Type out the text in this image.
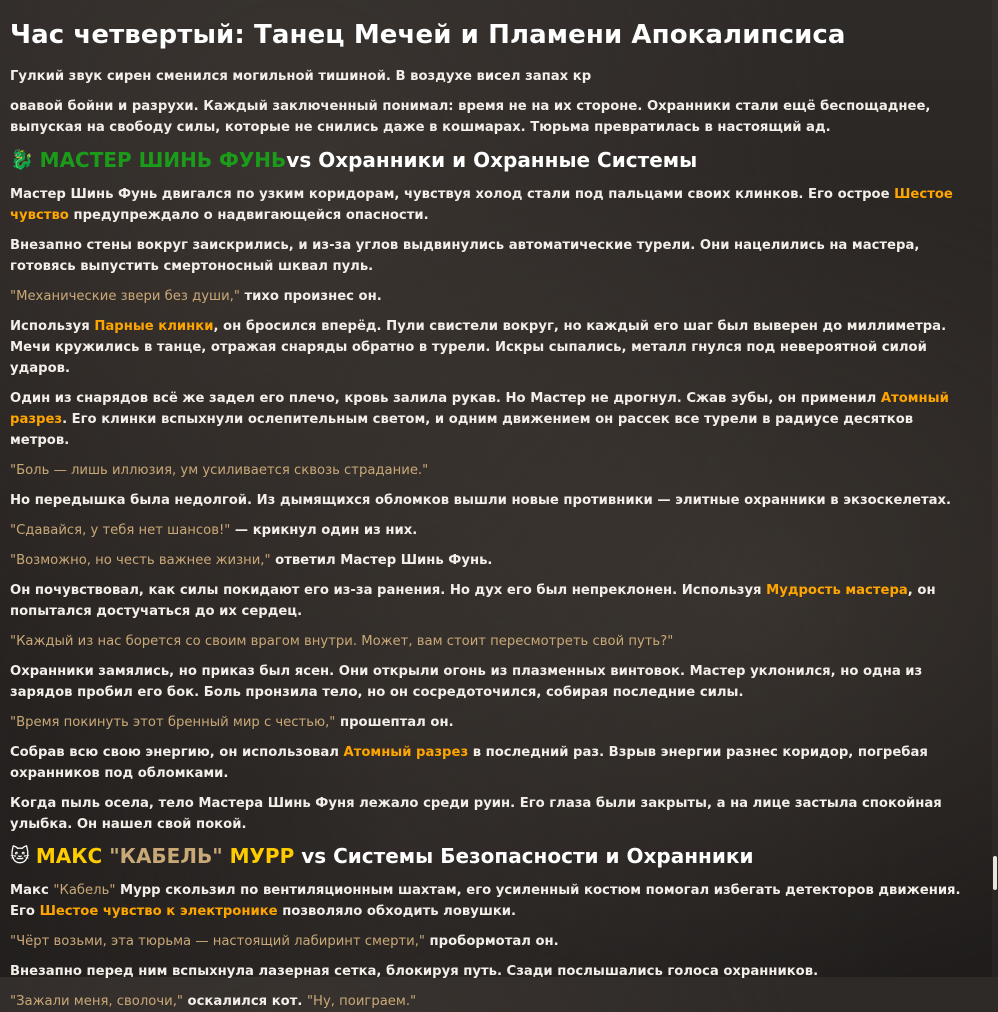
Час четвертый: Танец Мечей и Пламени Апокалипсиса

Гулкий звук сирен сменился могильной тишиной. В воздухе висел запах кр

овавой бойни и разрухи. Каждый заключенный понимал: время не на их стороне. Охранники стали ещё беспощаднее, выпуская на свободу силы, которые не снились даже в кошмарах. Тюрьма превратилась в настоящий ад.

🐉 МАСТЕР ШИНЬ ФУНЬ vs Охранники и Охранные Системы

Мастер Шинь Фунь двигался по узким коридорам, чувствуя холод стали под пальцами своих клинков. Его острое Шестое чувство предупреждало о надвигающейся опасности.

Внезапно стены вокруг заискрились, и из-за углов выдвинулись автоматические турели. Они нацелились на мастера, готовясь выпустить смертоносный шквал пуль.

"Механические звери без души," тихо произнес он.

Используя Парные клинки, он бросился вперёд. Пули свистели вокруг, но каждый его шаг был выверен до миллиметра. Мечи кружились в танце, отражая снаряды обратно в турели. Искры сыпались, металл гнулся под невероятной силой ударов.

Один из снарядов всё же задел его плечо, кровь залила рукав. Но Мастер не дрогнул. Сжав зубы, он применил Атомный разрез. Его клинки вспыхнули ослепительным светом, и одним движением он рассек все турели в радиусе десятков метров.

"Боль — лишь иллюзия, ум усиливается сквозь страдание."

Но передышка была недолгой. Из дымящихся обломков вышли новые противники — элитные охранники в экзоскелетах.

"Сдавайся, у тебя нет шансов!" — крикнул один из них.

"Возможно, но честь важнее жизни," ответил Мастер Шинь Фунь.

Он почувствовал, как силы покидают его из-за ранения. Но дух его был непреклонен. Используя Мудрость мастера, он попытался достучаться до их сердец.

"Каждый из нас борется со своим врагом внутри. Может, вам стоит пересмотреть свой путь?"

Охранники замялись, но приказ был ясен. Они открыли огонь из плазменных винтовок. Мастер уклонился, но одна из зарядов пробил его бок. Боль пронзила тело, но он сосредоточился, собирая последние силы.

"Время покинуть этот бренный мир с честью," прошептал он.

Собрав всю свою энергию, он использовал Атомный разрез в последний раз. Взрыв энергии разнес коридор, погребая охранников под обломками.

Когда пыль осела, тело Мастера Шинь Фуня лежало среди руин. Его глаза были закрыты, а на лице застыла спокойная улыбка. Он нашел свой покой.

🐱 МАКС "КАБЕЛЬ" МУРР vs Системы Безопасности и Охранники

Макс "Кабель" Мурр скользил по вентиляционным шахтам, его усиленный костюм помогал избегать детекторов движения. Его Шестое чувство к электронике позволяло обходить ловушки.

"Чёрт возьми, эта тюрьма — настоящий лабиринт смерти," пробормотал он.

Внезапно перед ним вспыхнула лазерная сетка, блокируя путь. Сзади послышались голоса охранников.

"Зажали меня, сволочи," оскалился кот. "Ну, поиграем."
